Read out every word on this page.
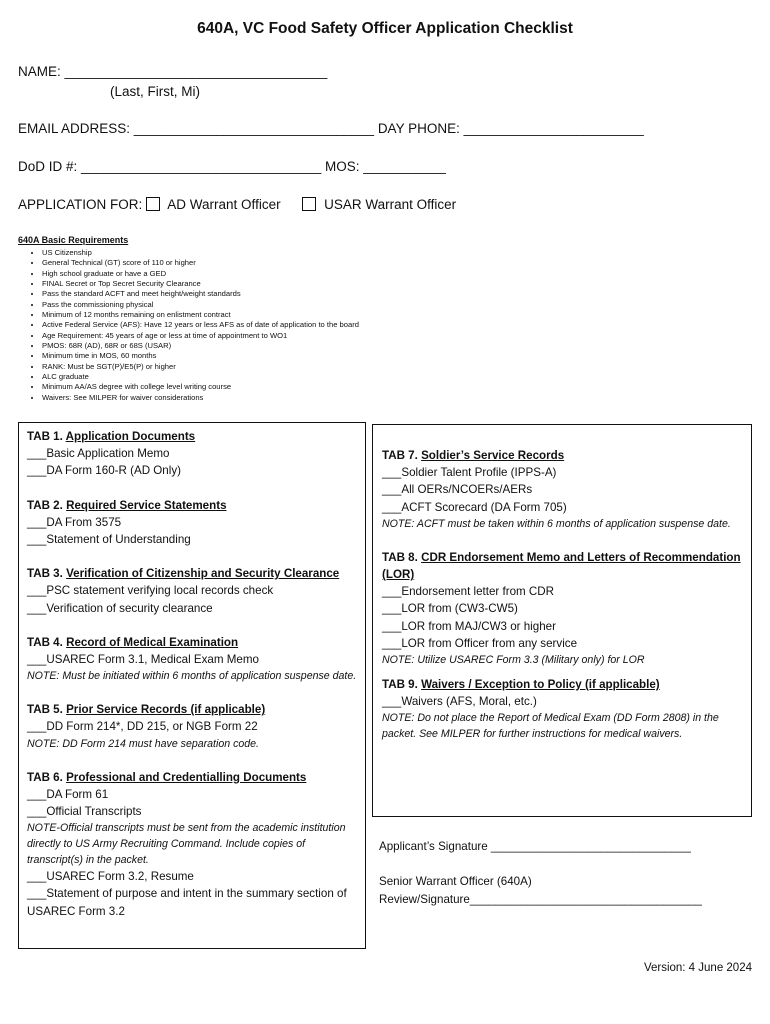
640A, VC Food Safety Officer Application Checklist
NAME: ___________________________________
(Last, First, Mi)
EMAIL ADDRESS: ________________________________ DAY PHONE: ________________________
DoD ID #: ________________________________ MOS: ___________
APPLICATION FOR: AD Warrant Officer	USAR Warrant Officer
640A Basic Requirements
• US Citizenship
• General Technical (GT) score of 110 or higher
• High school graduate or have a GED
• FINAL Secret or Top Secret Security Clearance
• Pass the standard ACFT and meet height/weight standards
• Pass the commissioning physical
• Minimum of 12 months remaining on enlistment contract
• Active Federal Service (AFS): Have 12 years or less AFS as of date of application to the board
• Age Requirement: 45 years of age or less at time of appointment to WO1
• PMOS: 68R (AD), 68R or 68S (USAR)
• Minimum time in MOS, 60 months
• RANK: Must be SGT(P)/E5(P) or higher
• ALC graduate
• Minimum AA/AS degree with college level writing course
• Waivers: See MILPER for waiver considerations

TAB 1. Application Documents

___Basic Application Memo

___DA Form 160-R (AD Only)

TAB 2. Required Service Statements

___DA From 3575

___Statement of Understanding

TAB 3. Verification of Citizenship and Security Clearance

___PSC statement verifying local records check

___Verification of security clearance

TAB 4. Record of Medical Examination

___USAREC Form 3.1, Medical Exam Memo

NOTE: Must be initiated within 6 months of application suspense date.

TAB 5. Prior Service Records (if applicable)

___DD Form 214*, DD 215, or NGB Form 22

NOTE: DD Form 214 must have separation code.

TAB 6. Professional and Credentialling Documents

___DA Form 61

___Official Transcripts

NOTE-Official transcripts must be sent from the academic institution directly to US Army Recruiting Command. Include copies of transcript(s) in the packet.

___USAREC Form 3.2, Resume

___Statement of purpose and intent in the summary section of USAREC Form 3.2

TAB 7. Soldier’s Service Records

___Soldier Talent Profile (IPPS-A)

___All OERs/NCOERs/AERs

___ACFT Scorecard (DA Form 705)

NOTE: ACFT must be taken within 6 months of application suspense date.

TAB 8. CDR Endorsement Memo and Letters of Recommendation (LOR)

___Endorsement letter from CDR

___LOR from (CW3-CW5)

___LOR from MAJ/CW3 or higher

___LOR from Officer from any service

NOTE: Utilize USAREC Form 3.3 (Military only) for LOR

TAB 9. Waivers / Exception to Policy (if applicable)

___Waivers (AFS, Moral, etc.)

NOTE: Do not place the Report of Medical Exam (DD Form 2808) in the packet. See MILPER for further instructions for medical waivers.

Applicant’s Signature _______________________________
Senior Warrant Officer (640A)
Review/Signature____________________________________
Version: 4 June 2024
